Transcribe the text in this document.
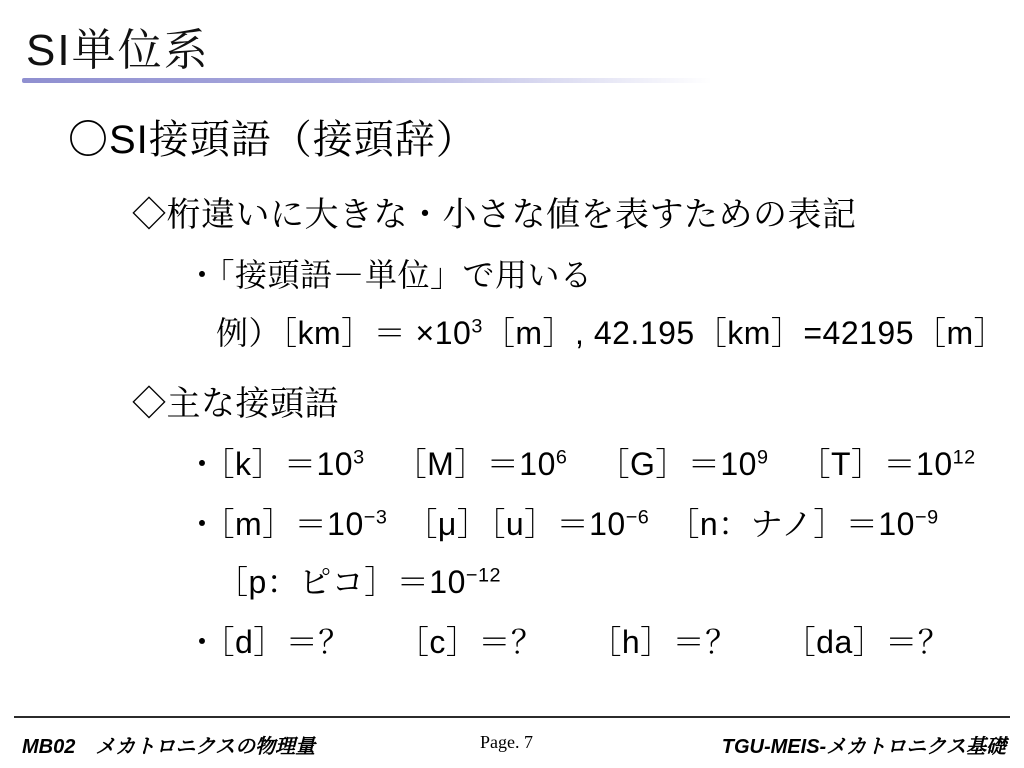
SI単位系
〇SI接頭語（接頭辞）
◇桁違いに大きな・小さな値を表すための表記
・「接頭語－単位」で用いる
例）［km］＝ $\times 10^3[m]$, 42.195［km］=42195［m］
◇主な接頭語
・$[k]=10^3$ $[M]=10^6$ $[G]=10^9$ $[T]=10^{12}$
・$[m]=10^{-3}$ $[\mu][u]=10^{-6}$ ［n：ナノ$]=10^{-9}$
［p：ピコ$]=10^{-12}$
・［d］＝？ ［c］＝？ ［h］＝？ ［da］＝？
MB02　メカトロニクスの物理量	Page. 7	TGU-MEIS-メカトロニクス基礎
